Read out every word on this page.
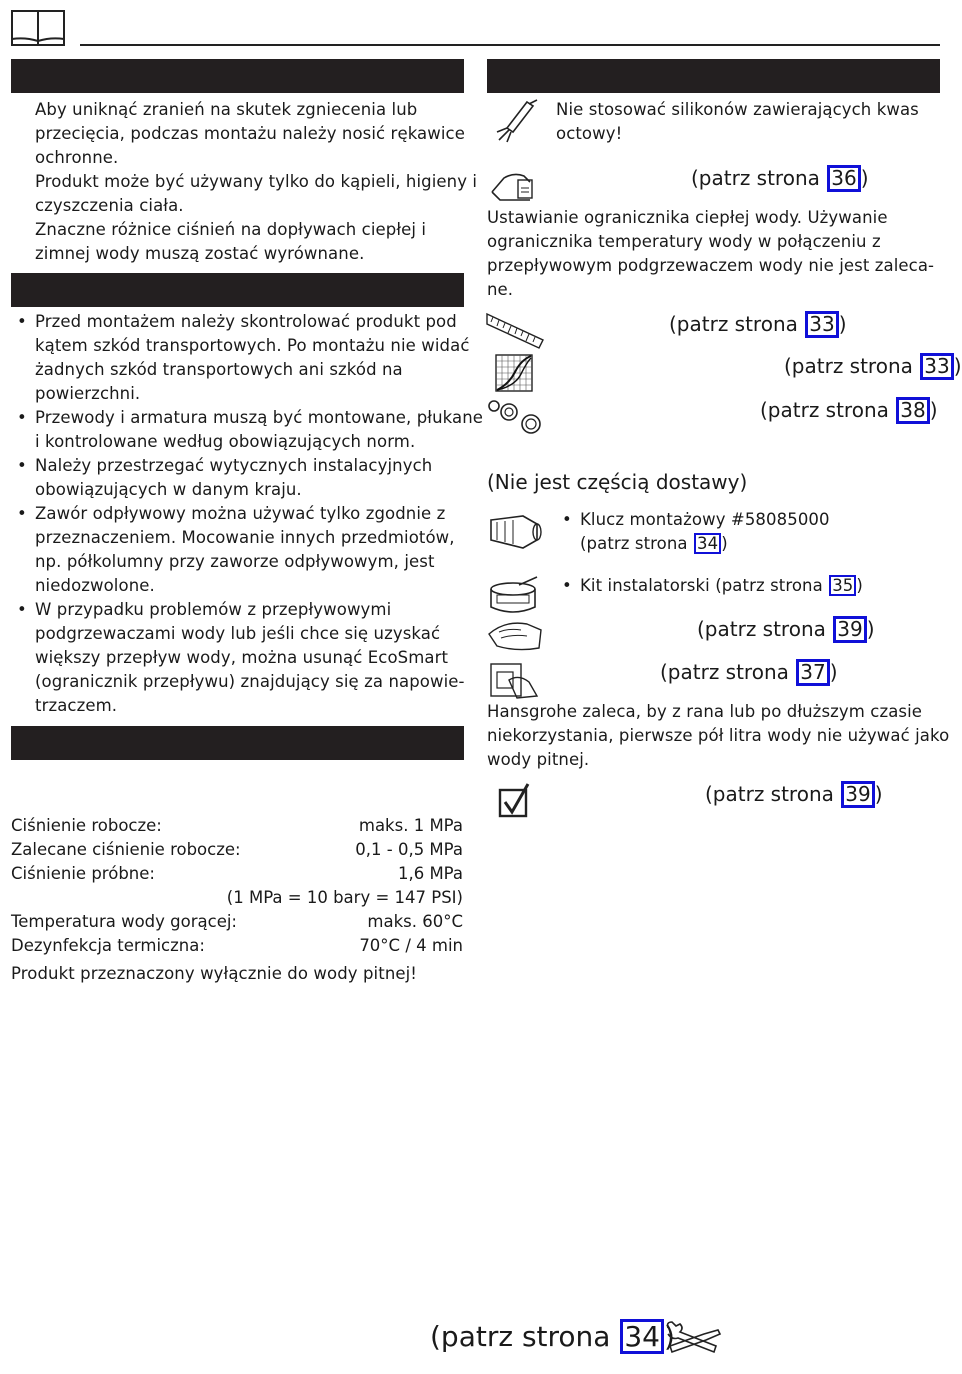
Aby uniknąć zranień na skutek zgniecenia lub
przecięcia, podczas montażu należy nosić rękawice
ochronne.
Produkt może być używany tylko do kąpieli, higieny i
czyszczenia ciała.
Znaczne różnice ciśnień na dopływach ciepłej i
zimnej wody muszą zostać wyrównane.
• Przed montażem należy skontrolować produkt pod
kątem szkód transportowych. Po montażu nie widać
żadnych szkód transportowych ani szkód na
powierzchni.
• Przewody i armatura muszą być montowane, płukane
i kontrolowane według obowiązujących norm.
• Należy przestrzegać wytycznych instalacyjnych
obowiązujących w danym kraju.
• Zawór odpływowy można używać tylko zgodnie z
przeznaczeniem. Mocowanie innych przedmiotów,
np. półkolumny przy zaworze odpływowym, jest
niedozwolone.
• W przypadku problemów z przepływowymi
podgrzewaczami wody lub jeśli chce się uzyskać
większy przepływ wody, można usunąć EcoSmart
(ogranicznik przepływu) znajdujący się za napowie-
trzaczem.
Ciśnienie robocze:	maks. 1 MPa
Zalecane ciśnienie robocze:	0,1 - 0,5 MPa
Ciśnienie próbne:	1,6 MPa
(1 MPa = 10 bary = 147 PSI)
Temperatura wody gorącej:	maks. 60°C
Dezynfekcja termiczna:	70°C / 4 min
Produkt przeznaczony wyłącznie do wody pitnej!
Nie stosować silikonów zawierających kwas
octowy!
(patrz strona 36 )
Ustawianie ogranicznika ciepłej wody. Używanie
ogranicznika temperatury wody w połączeniu z
przepływowym podgrzewaczem wody nie jest zaleca-
ne.
(patrz strona 33 )
(patrz strona 33 )
(patrz strona 38 )
(Nie jest częścią dostawy)
• Klucz montażowy #58085000
(patrz strona 34 )
• Kit instalatorski (patrz strona 35 )
(patrz strona 39 )
(patrz strona 37 )
Hansgrohe zaleca, by z rana lub po dłuższym czasie
niekorzystania, pierwsze pół litra wody nie używać jako
wody pitnej.
(patrz strona 39 )
(patrz strona 34 )
